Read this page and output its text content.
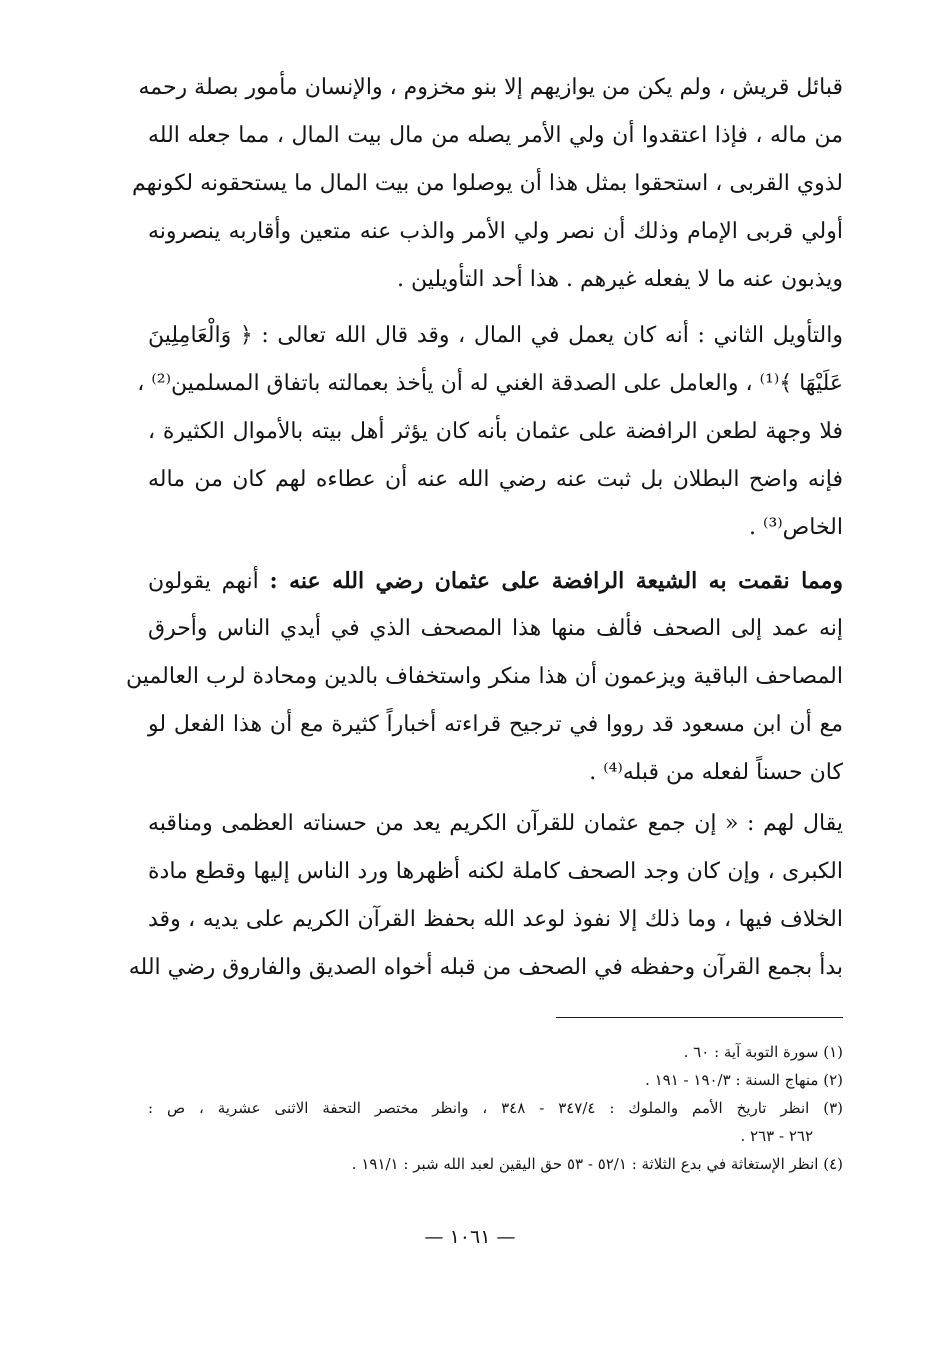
قبائل قريش ، ولم يكن من يوازيهم إلا بنو مخزوم ، والإنسان مأمور بصلة رحمه
من ماله ، فإذا اعتقدوا أن ولي الأمر يصله من مال بيت المال ، مما جعله الله
لذوي القربى ، استحقوا بمثل هذا أن يوصلوا من بيت المال ما يستحقونه لكونهم
أولي قربى الإمام وذلك أن نصر ولي الأمر والذب عنه متعين وأقاربه ينصرونه
ويذبون عنه ما لا يفعله غيرهم . هذا أحد التأويلين .
والتأويل الثاني : أنه كان يعمل في المال ، وقد قال الله تعالى : ﴿ وَالْعَامِلِينَ
عَلَيْهَا ﴾⁽¹⁾ ، والعامل على الصدقة الغني له أن يأخذ بعمالته باتفاق المسلمين⁽²⁾ ،
فلا وجهة لطعن الرافضة على عثمان بأنه كان يؤثر أهل بيته بالأموال الكثيرة ،
فإنه واضح البطلان بل ثبت عنه رضي الله عنه أن عطاءه لهم كان من ماله
الخاص⁽³⁾ .
ومما نقمت به الشيعة الرافضة على عثمان رضي الله عنه : أنهم يقولون
إنه عمد إلى الصحف فألف منها هذا المصحف الذي في أيدي الناس وأحرق
المصاحف الباقية ويزعمون أن هذا منكر واستخفاف بالدين ومحادة لرب العالمين
مع أن ابن مسعود قد رووا في ترجيح قراءته أخباراً كثيرة مع أن هذا الفعل لو
كان حسناً لفعله من قبله⁽⁴⁾ .
يقال لهم : « إن جمع عثمان للقرآن الكريم يعد من حسناته العظمى ومناقبه
الكبرى ، وإن كان وجد الصحف كاملة لكنه أظهرها ورد الناس إليها وقطع مادة
الخلاف فيها ، وما ذلك إلا نفوذ لوعد الله بحفظ القرآن الكريم على يديه ، وقد
بدأ بجمع القرآن وحفظه في الصحف من قبله أخواه الصديق والفاروق رضي الله
(١) سورة التوبة آية : ٦٠ .
(٢) منهاج السنة : ١٩٠/٣ - ١٩١ .
(٣) انظر تاريخ الأمم والملوك : ٣٤٧/٤ - ٣٤٨ ، وانظر مختصر التحفة الاثنى عشرية ، ص :
٢٦٢ - ٢٦٣ .
(٤) انظر الإستغاثة في بدع الثلاثة : ٥٢/١ - ٥٣ حق اليقين لعبد الله شبر : ١٩١/١ .
— ١٠٦١ —
